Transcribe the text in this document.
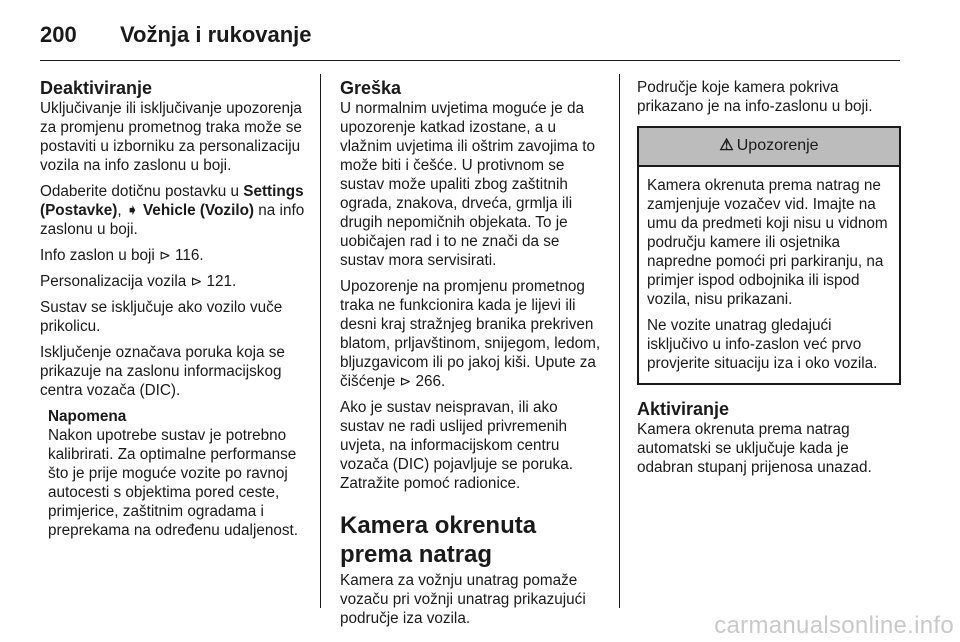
200 Vožnja i rukovanje
Deaktiviranje

Uključivanje ili isključivanje upozorenja za promjenu prometnog traka može se postaviti u izborniku za personalizaciju vozila na info zaslonu u boji.

Odaberite dotičnu postavku u Settings (Postavke), ➧ Vehicle (Vozilo) na info zaslonu u boji.

Info zaslon u boji ⊳ 116.

Personalizacija vozila ⊳ 121.

Sustav se isključuje ako vozilo vuče prikolicu.

Isključenje označava poruka koja se prikazuje na zaslonu informacijskog centra vozača (DIC).

Napomena
Nakon upotrebe sustav je potrebno kalibrirati. Za optimalne performanse što je prije moguće vozite po ravnoj autocesti s objektima pored ceste, primjerice, zaštitnim ogradama i preprekama na određenu udaljenost.
Greška

U normalnim uvjetima moguće je da upozorenje katkad izostane, a u vlažnim uvjetima ili oštrim zavojima to može biti i češće. U protivnom se sustav može upaliti zbog zaštitnih ograda, znakova, drveća, grmlja ili drugih nepomičnih objekata. To je uobičajen rad i to ne znači da se sustav mora servisirati.

Upozorenje na promjenu prometnog traka ne funkcionira kada je lijevi ili desni kraj stražnjeg branika prekriven blatom, prljavštinom, snijegom, ledom, bljuzgavicom ili po jakoj kiši. Upute za čišćenje ⊳ 266.

Ako je sustav neispravan, ili ako sustav ne radi uslijed privremenih uvjeta, na informacijskom centru vozača (DIC) pojavljuje se poruka. Zatražite pomoć radionice.

Kamera okrenuta prema natrag

Kamera za vožnju unatrag pomaže vozaču pri vožnji unatrag prikazujući područje iza vozila.

Područje koje kamera pokriva prikazano je na info-zaslonu u boji.

⚠ Upozorenje

Kamera okrenuta prema natrag ne zamjenjuje vozačev vid. Imajte na umu da predmeti koji nisu u vidnom području kamere ili osjetnika napredne pomoći pri parkiranju, na primjer ispod odbojnika ili ispod vozila, nisu prikazani.

Ne vozite unatrag gledajući isključivo u info-zaslon već prvo provjerite situaciju iza i oko vozila.

Aktiviranje

Kamera okrenuta prema natrag automatski se uključuje kada je odabran stupanj prijenosa unazad.

carmanualsonline.info
